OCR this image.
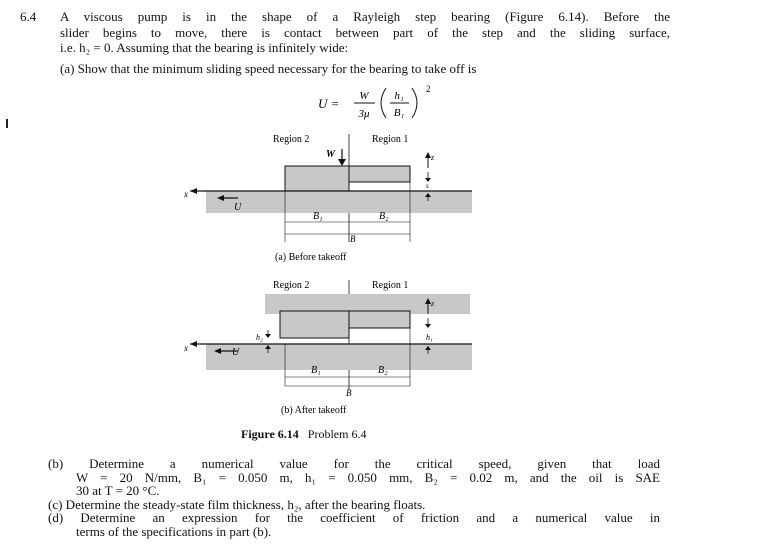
6.4 A viscous pump is in the shape of a Rayleigh step bearing (Figure 6.14). Before the
slider begins to move, there is contact between part of the step and the sliding surface,
i.e. h₂ = 0. Assuming that the bearing is infinitely wide:
(a) Show that the minimum sliding speed necessary for the bearing to take off is
U = W
3μ
h₁
B₁
2
Region 2	Region 1
W
x
U
z
s
B₁	B₂
B
(a) Before takeoff
Region 2	Region 1
x	U
h₂
z
h₁
B₁	B₂
B
(b) After takeoff
Figure 6.14 Problem 6.4
(b) Determine a numerical value for the critical speed, given that load
W = 20 N/mm, B₁ = 0.050 m, h₁ = 0.050 mm, B₂ = 0.02 m, and the oil is SAE
30 at T = 20 °C.
(c) Determine the steady-state film thickness, h₂, after the bearing floats.
(d) Determine an expression for the coefficient of friction and a numerical value in
terms of the specifications in part (b).
